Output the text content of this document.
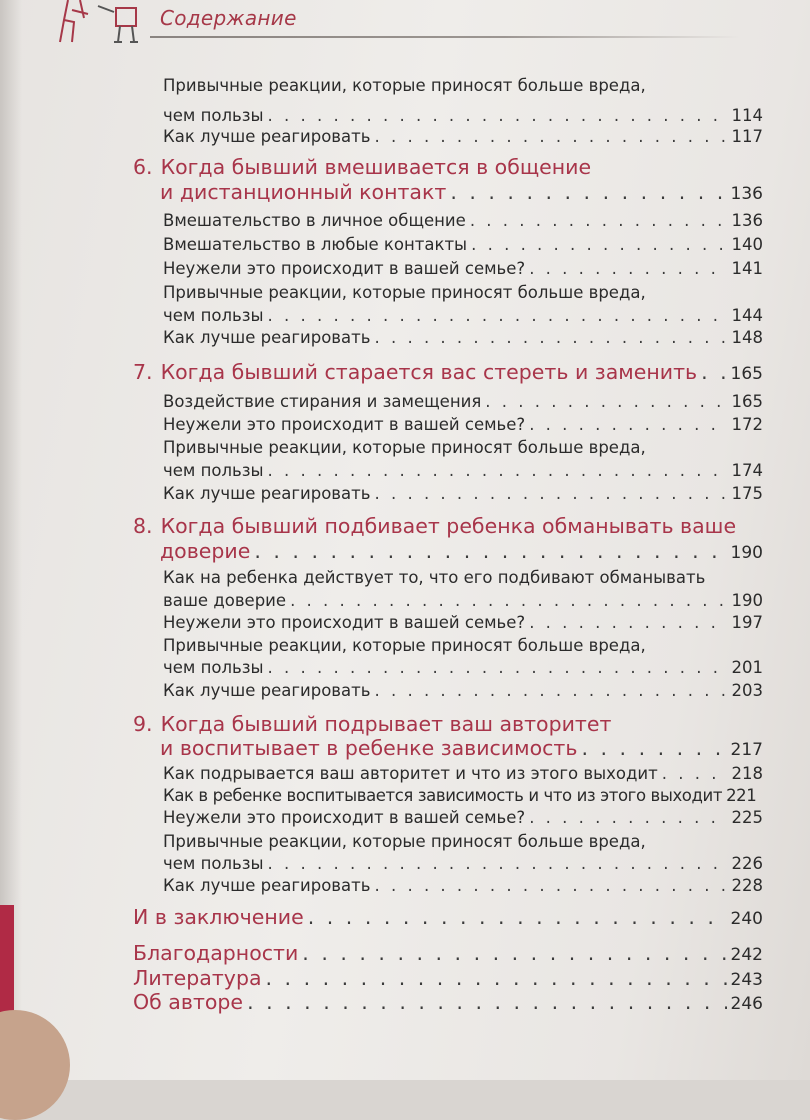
Содержание
Привычные реакции, которые приносят больше вреда,
чем пользы . . .	114
Как лучше реагировать . . .	117
6. Когда бывший вмешивается в общение
и дистанционный контакт . . .	136
Вмешательство в личное общение . . .	136
Вмешательство в любые контакты . . .	140
Неужели это происходит в вашей семье? . . .	141
Привычные реакции, которые приносят больше вреда,
чем пользы . . .	144
Как лучше реагировать . . .	148
7. Когда бывший старается вас стереть и заменить . . . 165
Воздействие стирания и замещения . . .	165
Неужели это происходит в вашей семье? . . .	172
Привычные реакции, которые приносят больше вреда,
чем пользы . . .	174
Как лучше реагировать . . .	175
8. Когда бывший подбивает ребенка обманывать ваше
доверие . . .	190
Как на ребенка действует то, что его подбивают обманывать
ваше доверие . . .	190
Неужели это происходит в вашей семье? . . .	197
Привычные реакции, которые приносят больше вреда,
чем пользы . . .	201
Как лучше реагировать . . .	203
9. Когда бывший подрывает ваш авторитет
и воспитывает в ребенке зависимость . . .	217
Как подрывается ваш авторитет и что из этого выходит . . .	218
Как в ребенке воспитывается зависимость и что из этого выходит 221
Неужели это происходит в вашей семье? . . .	225
Привычные реакции, которые приносят больше вреда,
чем пользы . . .	226
Как лучше реагировать . . .	228
И в заключение . . .	240
Благодарности . . .	242
Литература . . .	243
Об авторе . . .	246
